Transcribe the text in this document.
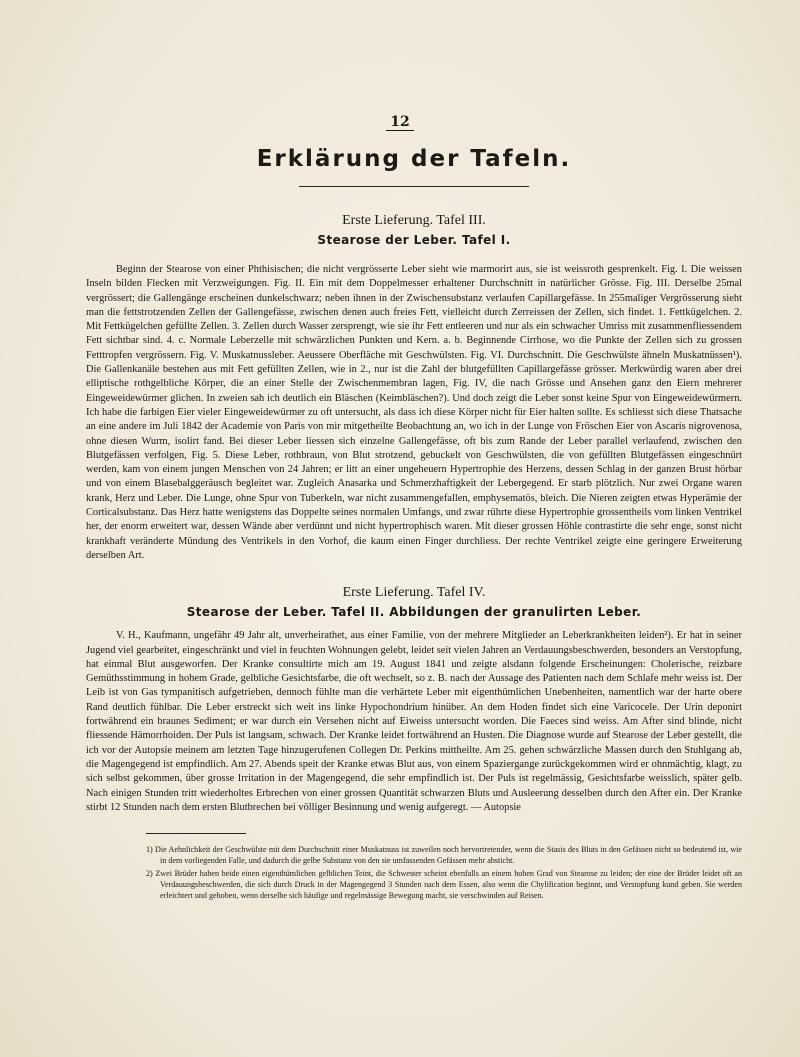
12
Erklärung der Tafeln.
Erste Lieferung. Tafel III.
Stearose der Leber. Tafel I.

Beginn der Stearose von einer Phthisischen; die nicht vergrösserte Leber sieht wie marmorirt aus, sie ist weissroth gesprenkelt. Fig. I. Die weissen Inseln bilden Flecken mit Verzweigungen. Fig. II. Ein mit dem Doppelmesser erhaltener Durchschnitt in natürlicher Grösse. Fig. III. Derselbe 25mal vergrössert; die Gallengänge erscheinen dunkelschwarz; neben ihnen in der Zwischensubstanz verlaufen Capillargefässe. In 255maliger Vergrösserung sieht man die fettstrotzenden Zellen der Gallengefässe, zwischen denen auch freies Fett, vielleicht durch Zerreissen der Zellen, sich findet. 1. Fettkügelchen. 2. Mit Fettkügelchen gefüllte Zellen. 3. Zellen durch Wasser zersprengt, wie sie ihr Fett entleeren und nur als ein schwacher Umriss mit zusammenfliessendem Fett sichtbar sind. 4. c. Normale Leberzelle mit schwärzlichen Punkten und Kern. a. b. Beginnende Cirrhose, wo die Punkte der Zellen sich zu grossen Fetttropfen vergrössern. Fig. V. Muskatnussleber. Aeussere Oberfläche mit Geschwülsten. Fig. VI. Durchschnitt. Die Geschwülste ähneln Muskatnüssen¹). Die Gallenkanäle bestehen aus mit Fett gefüllten Zellen, wie in 2., nur ist die Zahl der blutgefüllten Capillargefässe grösser. Merkwürdig waren aber drei elliptische rothgelbliche Körper, die an einer Stelle der Zwischenmembran lagen, Fig. IV, die nach Grösse und Ansehen ganz den Eiern mehrerer Eingeweidewürmer glichen. In zweien sah ich deutlich ein Bläschen (Keimbläschen?). Und doch zeigt die Leber sonst keine Spur von Eingeweidewürmern. Ich habe die farbigen Eier vieler Eingeweidewürmer zu oft untersucht, als dass ich diese Körper nicht für Eier halten sollte. Es schliesst sich diese Thatsache an eine andere im Juli 1842 der Academie von Paris von mir mitgetheilte Beobachtung an, wo ich in der Lunge von Fröschen Eier von Ascaris nigrovenosa, ohne diesen Wurm, isolirt fand. Bei dieser Leber liessen sich einzelne Gallengefässe, oft bis zum Rande der Leber parallel verlaufend, zwischen den Blutgefässen verfolgen, Fig. 5. Diese Leber, rothbraun, von Blut strotzend, gebuckelt von Geschwülsten, die von gefüllten Blutgefässen eingeschnürt werden, kam von einem jungen Menschen von 24 Jahren; er litt an einer ungeheuern Hypertrophie des Herzens, dessen Schlag in der ganzen Brust hörbar und von einem Blasebalggeräusch begleitet war. Zugleich Anasarka und Schmerzhaftigkeit der Lebergegend. Er starb plötzlich. Nur zwei Organe waren krank, Herz und Leber. Die Lunge, ohne Spur von Tuberkeln, war nicht zusammengefallen, emphysematös, bleich. Die Nieren zeigten etwas Hyperämie der Corticalsubstanz. Das Herz hatte wenigstens das Doppelte seines normalen Umfangs, und zwar rührte diese Hypertrophie grossentheils vom linken Ventrikel her, der enorm erweitert war, dessen Wände aber verdünnt und nicht hypertrophisch waren. Mit dieser grossen Höhle contrastirte die sehr enge, sonst nicht krankhaft veränderte Mündung des Ventrikels in den Vorhof, die kaum einen Finger durchliess. Der rechte Ventrikel zeigte eine geringere Erweiterung derselben Art.

Erste Lieferung. Tafel IV.
Stearose der Leber. Tafel II. Abbildungen der granulirten Leber.

V. H., Kaufmann, ungefähr 49 Jahr alt, unverheirathet, aus einer Familie, von der mehrere Mitglieder an Leberkrankheiten leiden²). Er hat in seiner Jugend viel gearbeitet, eingeschränkt und viel in feuchten Wohnungen gelebt, leidet seit vielen Jahren an Verdauungsbeschwerden, besonders an Verstopfung, hat einmal Blut ausgeworfen. Der Kranke consultirte mich am 19. August 1841 und zeigte alsdann folgende Erscheinungen: Cholerische, reizbare Gemüthsstimmung in hohem Grade, gelbliche Gesichtsfarbe, die oft wechselt, so z. B. nach der Aussage des Patienten nach dem Schlafe mehr weiss ist. Der Leib ist von Gas tympanitisch aufgetrieben, dennoch fühlte man die verhärtete Leber mit eigenthümlichen Unebenheiten, namentlich war der harte obere Rand deutlich fühlbar. Die Leber erstreckt sich weit ins linke Hypochondrium hinüber. An dem Hoden findet sich eine Varicocele. Der Urin deponirt fortwährend ein braunes Sediment; er war durch ein Versehen nicht auf Eiweiss untersucht worden. Die Faeces sind weiss. Am After sind blinde, nicht fliessende Hämorrhoiden. Der Puls ist langsam, schwach. Der Kranke leidet fortwährend an Husten. Die Diagnose wurde auf Stearose der Leber gestellt, die ich vor der Autopsie meinem am letzten Tage hinzugerufenen Collegen Dr. Perkins mittheilte. Am 25. gehen schwärzliche Massen durch den Stuhlgang ab, die Magengegend ist empfindlich. Am 27. Abends speit der Kranke etwas Blut aus, von einem Spaziergange zurückgekommen wird er ohnmächtig, klagt, zu sich selbst gekommen, über grosse Irritation in der Magengegend, die sehr empfindlich ist. Der Puls ist regelmässig, Gesichtsfarbe weisslich, später gelb. Nach einigen Stunden tritt wiederholtes Erbrechen von einer grossen Quantität schwarzen Bluts und Ausleerung desselben durch den After ein. Der Kranke stirbt 12 Stunden nach dem ersten Blutbrechen bei völliger Besinnung und wenig aufgeregt. — Autopsie

1) Die Aehnlichkeit der Geschwülste mit dem Durchschnitt einer Muskatnuss ist zuweilen noch hervortretender, wenn die Stasis des Bluts in den Gefässen nicht so bedeutend ist, wie in dem vorliegenden Falle, und dadurch die gelbe Substanz von den sie umfassenden Gefässen mehr absticht.

2) Zwei Brüder haben beide einen eigenthümlichen gelblichen Teint, die Schwester scheint ebenfalls an einem hohen Grad von Stearose zu leiden; der eine der Brüder leidet oft an Verdauungsbeschwerden, die sich durch Druck in der Magengegend 3 Stunden nach dem Essen, also wenn die Chylification beginnt, und Verstopfung kund geben. Sie werden erleichtert und gehoben, wenn derselbe sich häufige und regelmässige Bewegung macht, sie verschwinden auf Reisen.
